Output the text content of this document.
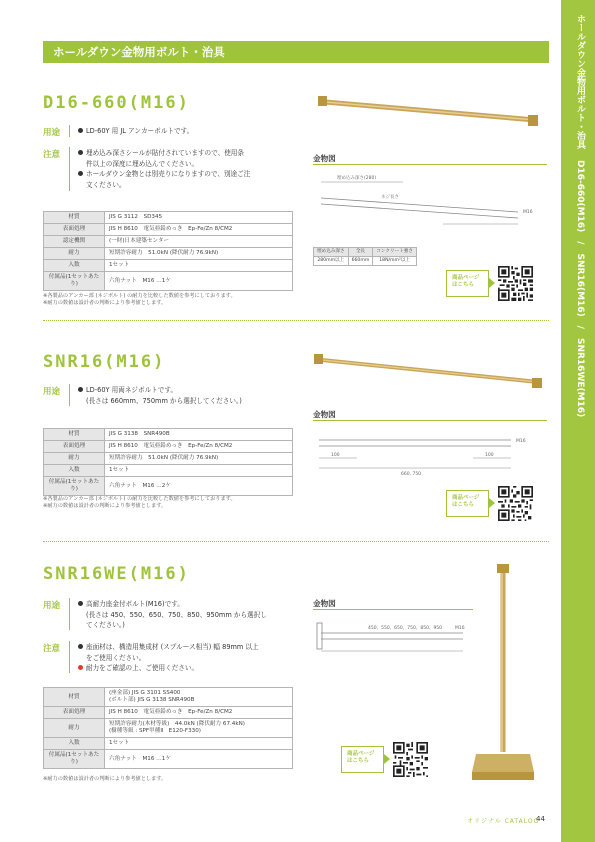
ホールダウン金物用ボルト・治具
D16-660(M16)　/　SNR16(M16)　/　SNR16WE(M16)
ホールダウン金物用ボルト・治具
D16-660(M16)
用途	LD-60Y 用 JL アンカーボルトです。
注意	埋め込み深さシールが貼付されていますので、使用条
件以上の深度に埋め込んでください。
ホールダウン金物とは別売りになりますので、別途ご注
文ください。
材質	JIS G 3112　SD345
表面処理	JIS H 8610　電気亜鉛めっき　Ep-Fe/Zn 8/CM2
認定機関	(一財)日本建築センター
耐力	短期許容耐力　51.0kN (降伏耐力 76.9kN)
入数	1セット
付属品(1セットあたり)	六角ナット　M16 …1ケ
※各製品のアンカー部 (ネジボルト) の耐力を比較した数値を参考にしております。
※耐力の数値は設計者の判断により参考値とします。
金物図
埋め込み深さ(280)
ネジ長さ
M16
埋め込み深さ	全長	コンクリート強さ
280mm以上	660mm	18N/mm²以上
商品ページ はこちら
SNR16(M16)
用途	LD-60Y 用両ネジボルトです。
(長さは 660mm、750mm から選択してください。)
材質	JIS G 3138　SNR490B
表面処理	JIS H 8610　電気亜鉛めっき　Ep-Fe/Zn 8/CM2
耐力	短期許容耐力　51.0kN (降伏耐力 76.9kN)
入数	1セット
付属品(1セットあたり)	六角ナット　M16 …2ケ
※各製品のアンカー部 (ネジボルト) の耐力を比較した数値を参考にしております。
※耐力の数値は設計者の判断により参考値とします。
金物図
100	100
660, 750
M16
商品ページ はこちら
SNR16WE(M16)
用途	高耐力座金付ボルト(M16)です。
(長さは 450、550、650、750、850、950mm から選択し
てください。)
注意	座面材は、構造用集成材 (スプルース相当) 幅 89mm 以上
をご使用ください。
耐力をご確認の上、ご使用ください。
材質	(座金部) JIS G 3101 SS400
(ボルト部) JIS G 3138 SNR490B
表面処理	JIS H 8610　電気亜鉛めっき　Ep-Fe/Zn 8/CM2
耐力	短期許容耐力(木材等級)　44.0kN (降伏耐力 67.4kN)
(樹種等級 : SPF甲種Ⅱ　E120-F330)
入数	1セット
付属品(1セットあたり)	六角ナット　M16 …1ケ
※耐力の数値は設計者の判断により参考値とします。
金物図
450、550、650、750、850、950	M16
商品ページ はこちら
オリジナル CATALOG
44
